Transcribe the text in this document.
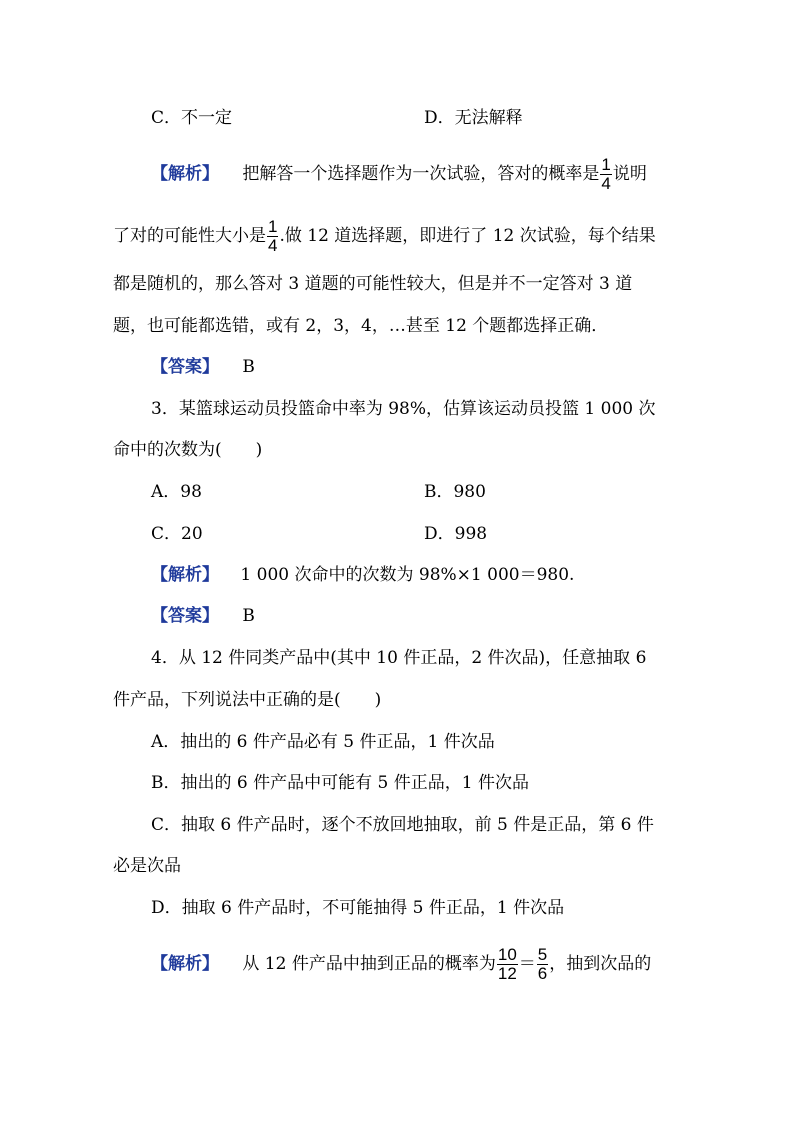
C．不一定	D．无法解释
【解析】 把解答一个选择题作为一次试验，答对的概率是 $\frac{1}{4}$ 说明
了对的可能性大小是 $\frac{1}{4}$ .做 12 道选择题，即进行了 12 次试验，每个结果
都是随机的，那么答对 3 道题的可能性较大，但是并不一定答对 3 道
题，也可能都选错，或有 2，3，4，…甚至 12 个题都选择正确．
【答案】 B
3．某篮球运动员投篮命中率为 98%，估算该运动员投篮 1 000 次
命中的次数为(　　)
A．98	B．980
C．20	D．998
【解析】 1 000 次命中的次数为 98%×1 000＝980.
【答案】 B
4．从 12 件同类产品中(其中 10 件正品，2 件次品)，任意抽取 6
件产品，下列说法中正确的是(　　)
A．抽出的 6 件产品必有 5 件正品，1 件次品
B．抽出的 6 件产品中可能有 5 件正品，1 件次品
C．抽取 6 件产品时，逐个不放回地抽取，前 5 件是正品，第 6 件
必是次品
D．抽取 6 件产品时，不可能抽得 5 件正品，1 件次品
【解析】 从 12 件产品中抽到正品的概率为 $\frac{10}{12} = \frac{5}{6}$ ，抽到次品的
